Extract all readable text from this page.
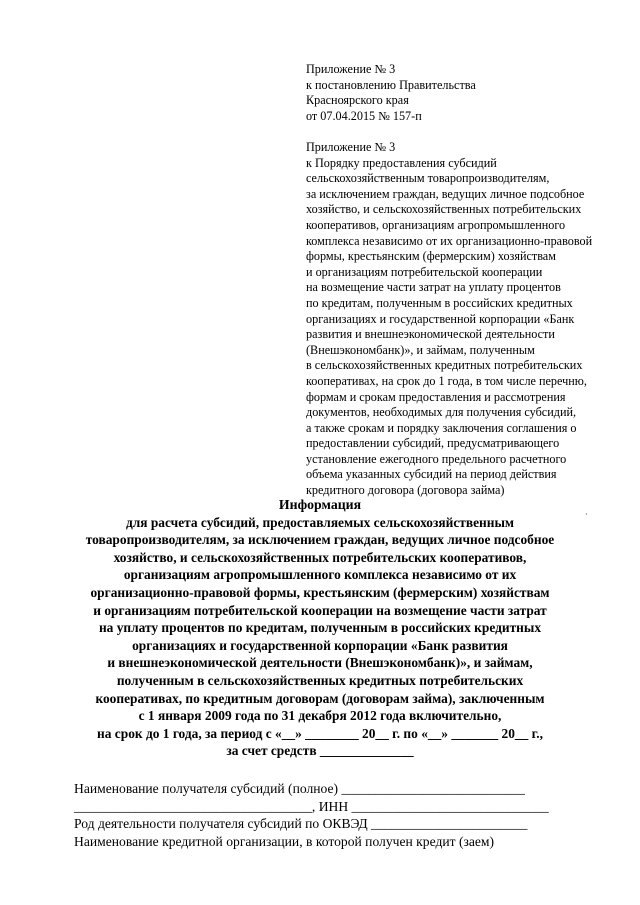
Приложение № 3
к постановлению Правительства
Красноярского края
от 07.04.2015 № 157-п
Приложение № 3
к Порядку предоставления субсидий
сельскохозяйственным товаропроизводителям,
за исключением граждан, ведущих личное подсобное
хозяйство, и сельскохозяйственных потребительских
кооперативов, организациям агропромышленного
комплекса независимо от их организационно-правовой
формы, крестьянским (фермерским) хозяйствам
и организациям потребительской кооперации
на возмещение части затрат на уплату процентов
по кредитам, полученным в российских кредитных
организациях и государственной корпорации «Банк
развития и внешнеэкономической деятельности
(Внешэкономбанк)», и займам, полученным
в сельскохозяйственных кредитных потребительских
кооперативах, на срок до 1 года, в том числе перечню,
формам и срокам предоставления и рассмотрения
документов, необходимых для получения субсидий,
а также срокам и порядку заключения соглашения о
предоставлении субсидий, предусматривающего
установление ежегодного предельного расчетного
объема указанных субсидий на период действия
кредитного договора (договора займа)
·
Информация
для расчета субсидий, предоставляемых сельскохозяйственным
товаропроизводителям, за исключением граждан, ведущих личное подсобное
хозяйство, и сельскохозяйственных потребительских кооперативов,
организациям агропромышленного комплекса независимо от их
организационно-правовой формы, крестьянским (фермерским) хозяйствам
и организациям потребительской кооперации на возмещение части затрат
на уплату процентов по кредитам, полученным в российских кредитных
организациях и государственной корпорации «Банк развития
и внешнеэкономической деятельности (Внешэкономбанк)», и займам,
полученным в сельскохозяйственных кредитных потребительских
кооперативах, по кредитным договорам (договорам займа), заключенным
с 1 января 2009 года по 31 декабря 2012 года включительно,
на срок до 1 года, за период с «__» ________ 20__ г. по «__» _______ 20__ г.,
за счет средств ______________
Наименование получателя субсидий (полное) ___________________________
___________________________________, ИНН _____________________________
Род деятельности получателя субсидий по ОКВЭД _______________________
Наименование кредитной организации, в которой получен кредит (заем)
